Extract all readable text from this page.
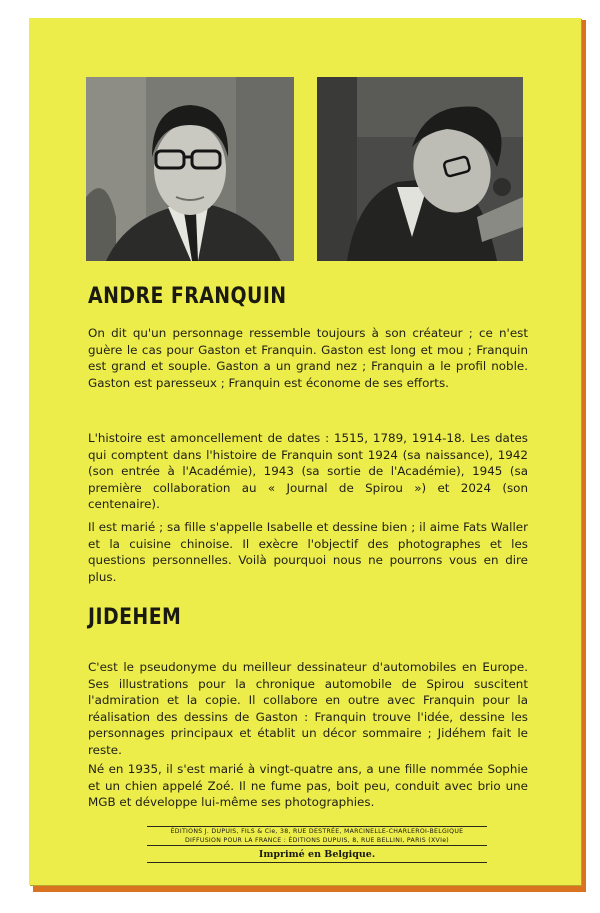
ANDRE FRANQUIN

On dit qu'un personnage ressemble toujours à son créateur ; ce n'est guère le cas pour Gaston et Franquin. Gaston est long et mou ; Franquin est grand et souple. Gaston a un grand nez ; Franquin a le profil noble. Gaston est paresseux ; Franquin est économe de ses efforts.

L'histoire est amoncellement de dates : 1515, 1789, 1914-18. Les dates qui comptent dans l'histoire de Franquin sont 1924 (sa naissance), 1942 (son entrée à l'Académie), 1943 (sa sortie de l'Académie), 1945 (sa première collaboration au « Journal de Spirou ») et 2024 (son centenaire).

Il est marié ; sa fille s'appelle Isabelle et dessine bien ; il aime Fats Waller et la cuisine chinoise. Il exècre l'objectif des photographes et les questions personnelles. Voilà pourquoi nous ne pourrons vous en dire plus.

JIDEHEM

C'est le pseudonyme du meilleur dessinateur d'automobiles en Europe. Ses illustrations pour la chronique automobile de Spirou suscitent l'admiration et la copie. Il collabore en outre avec Franquin pour la réalisation des dessins de Gaston : Franquin trouve l'idée, dessine les personnages principaux et établit un décor sommaire ; Jidéhem fait le reste.

Né en 1935, il s'est marié à vingt-quatre ans, a une fille nommée Sophie et un chien appelé Zoé. Il ne fume pas, boit peu, conduit avec brio une MGB et développe lui-même ses photographies.

ÉDITIONS J. DUPUIS, FILS & Cie, 38, RUE DESTRÉE, MARCINELLE-CHARLEROI-BELGIQUE
DIFFUSION POUR LA FRANCE : ÉDITIONS DUPUIS, 8, RUE BELLINI, PARIS (XVIe)
Imprimé en Belgique.
